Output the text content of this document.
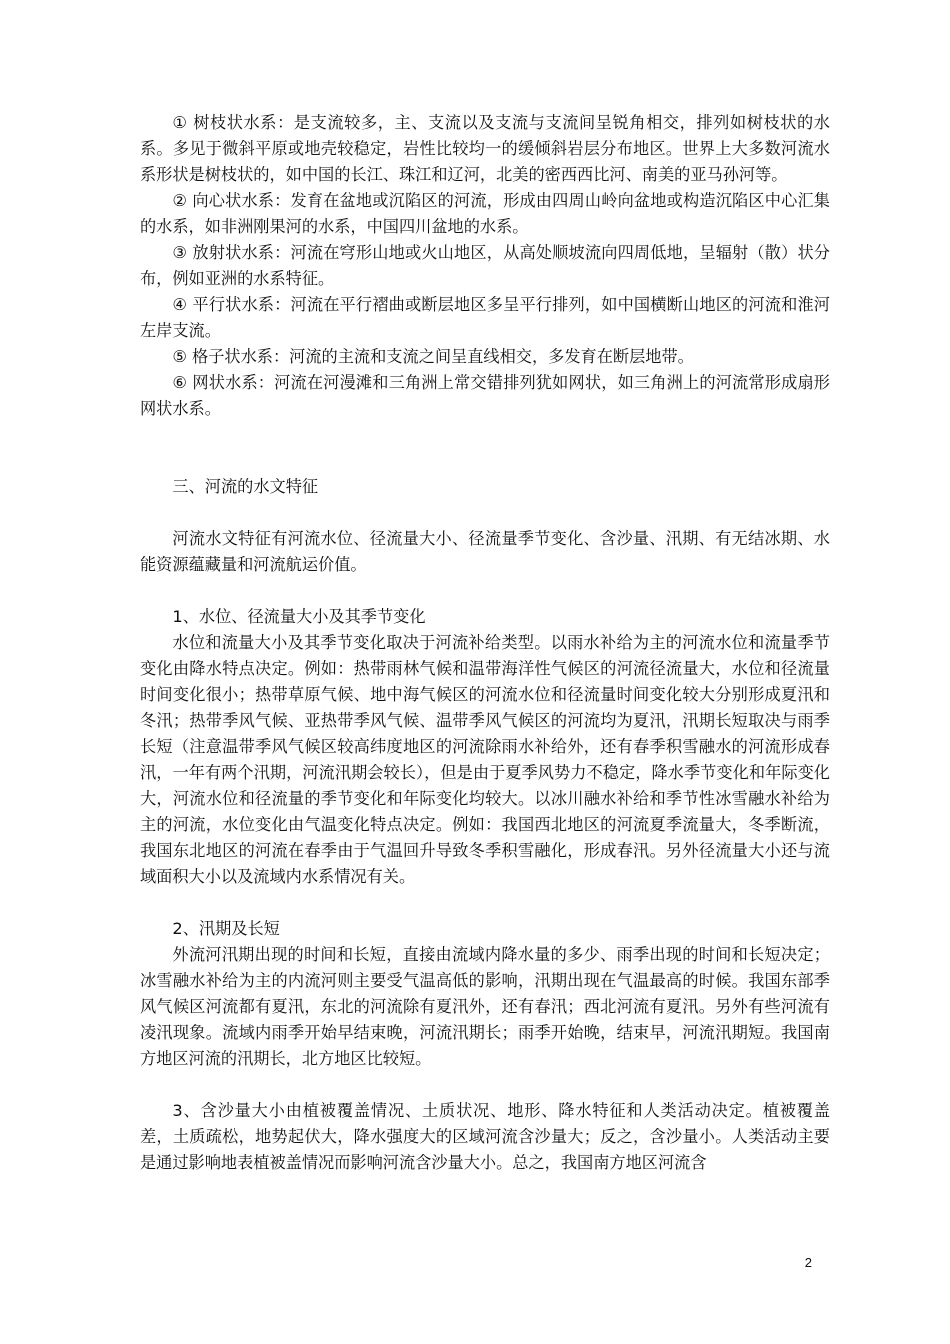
① 树枝状水系：是支流较多，主、支流以及支流与支流间呈锐角相交，排列如树枝状的水系。多见于微斜平原或地壳较稳定，岩性比较均一的缓倾斜岩层分布地区。世界上大多数河流水系形状是树枝状的，如中国的长江、珠江和辽河，北美的密西西比河、南美的亚马孙河等。

② 向心状水系：发育在盆地或沉陷区的河流，形成由四周山岭向盆地或构造沉陷区中心汇集的水系，如非洲刚果河的水系，中国四川盆地的水系。

③ 放射状水系：河流在穹形山地或火山地区，从高处顺坡流向四周低地，呈辐射（散）状分布，例如亚洲的水系特征。

④ 平行状水系：河流在平行褶曲或断层地区多呈平行排列，如中国横断山地区的河流和淮河左岸支流。

⑤ 格子状水系：河流的主流和支流之间呈直线相交，多发育在断层地带。

⑥ 网状水系：河流在河漫滩和三角洲上常交错排列犹如网状，如三角洲上的河流常形成扇形网状水系。

三、河流的水文特征

河流水文特征有河流水位、径流量大小、径流量季节变化、含沙量、汛期、有无结冰期、水能资源蕴藏量和河流航运价值。

1、水位、径流量大小及其季节变化

水位和流量大小及其季节变化取决于河流补给类型。以雨水补给为主的河流水位和流量季节变化由降水特点决定。例如：热带雨林气候和温带海洋性气候区的河流径流量大，水位和径流量时间变化很小；热带草原气候、地中海气候区的河流水位和径流量时间变化较大分别形成夏汛和冬汛；热带季风气候、亚热带季风气候、温带季风气候区的河流均为夏汛，汛期长短取决与雨季长短（注意温带季风气候区较高纬度地区的河流除雨水补给外，还有春季积雪融水的河流形成春汛，一年有两个汛期，河流汛期会较长），但是由于夏季风势力不稳定，降水季节变化和年际变化大，河流水位和径流量的季节变化和年际变化均较大。以冰川融水补给和季节性冰雪融水补给为主的河流，水位变化由气温变化特点决定。例如：我国西北地区的河流夏季流量大，冬季断流，我国东北地区的河流在春季由于气温回升导致冬季积雪融化，形成春汛。另外径流量大小还与流域面积大小以及流域内水系情况有关。

2、汛期及长短

外流河汛期出现的时间和长短，直接由流域内降水量的多少、雨季出现的时间和长短决定；冰雪融水补给为主的内流河则主要受气温高低的影响，汛期出现在气温最高的时候。我国东部季风气候区河流都有夏汛，东北的河流除有夏汛外，还有春汛；西北河流有夏汛。另外有些河流有凌汛现象。流域内雨季开始早结束晚，河流汛期长；雨季开始晚，结束早，河流汛期短。我国南方地区河流的汛期长，北方地区比较短。

3、含沙量大小由植被覆盖情况、土质状况、地形、降水特征和人类活动决定。植被覆盖差，土质疏松，地势起伏大，降水强度大的区域河流含沙量大；反之，含沙量小。人类活动主要是通过影响地表植被盖情况而影响河流含沙量大小。总之，我国南方地区河流含

2
